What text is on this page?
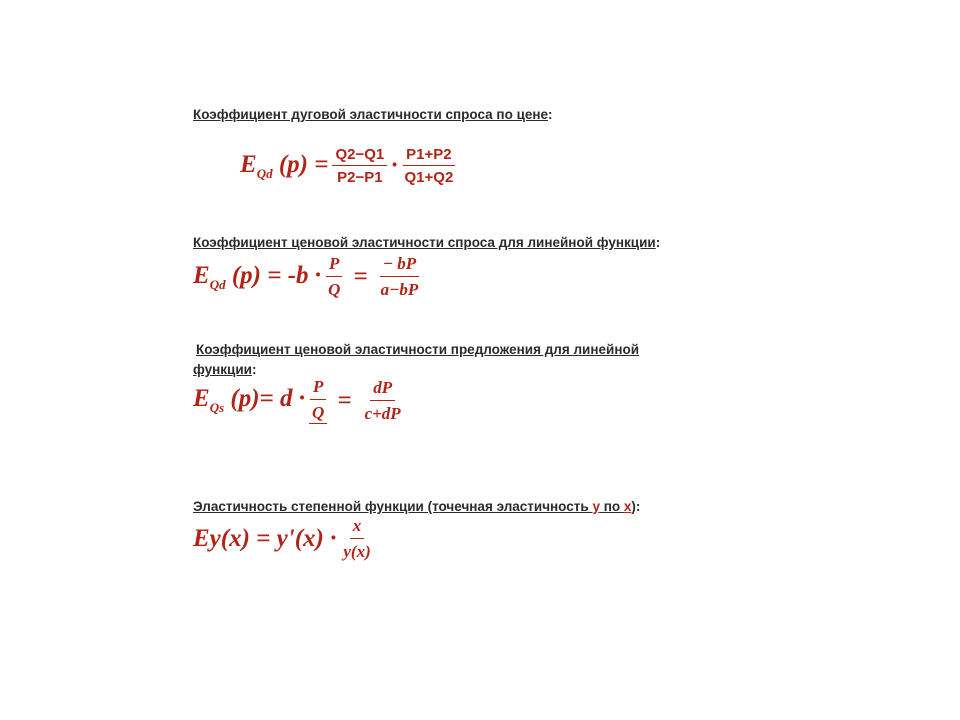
Коэффициент дуговой эластичности спроса по цене:
$E_{Qd}$ $(p) = \frac{Q2-Q1}{P2-P1} \cdot \frac{P1+P2}{Q1+Q2}$
Коэффициент ценовой эластичности спроса для линейной функции:
$E_{Qd}$ $(p) = -b \cdot \frac{P}{Q} = \frac{- bP}{a-bP}$
Коэффициент ценовой эластичности предложения для линейной
функции:
$E_{Qs}$ $(p)= d \cdot \frac{P}{Q} = \frac{dP}{c+dP}$
Эластичность степенной функции (точечная эластичность y по x):
$Ey(x) = y'(x) \cdot \frac{x}{y(x)}$
